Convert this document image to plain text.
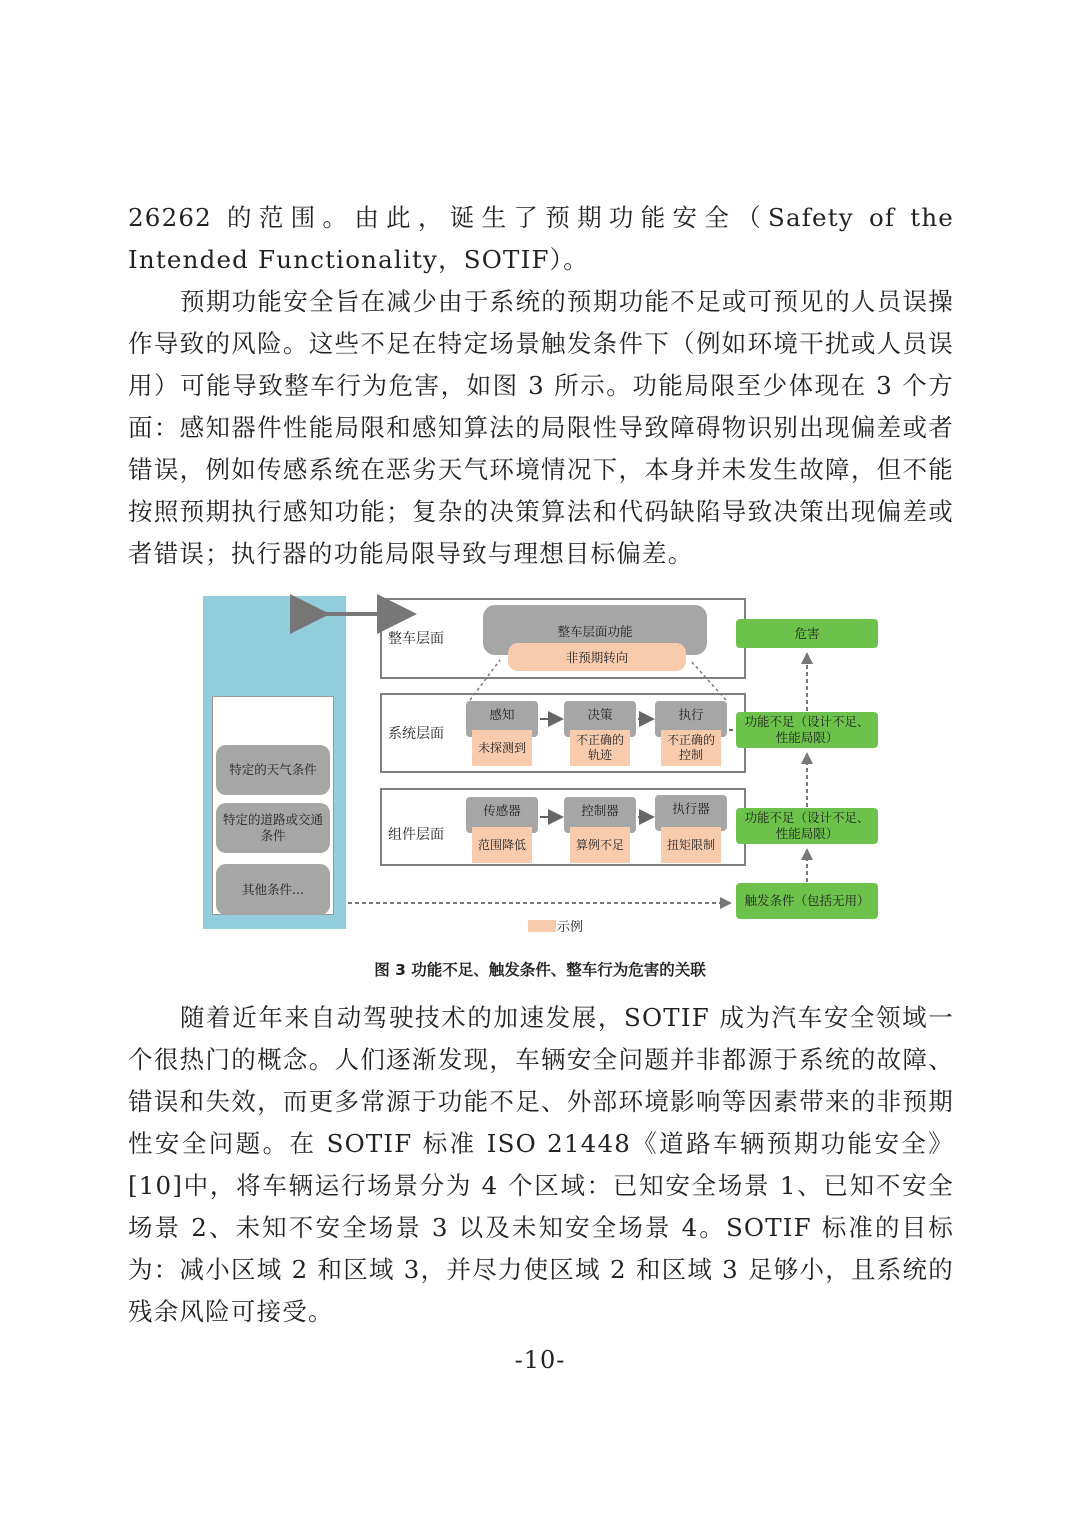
26262 的范围。由此，诞生了预期功能安全（Safety of the Intended Functionality，SOTIF）。

预期功能安全旨在减少由于系统的预期功能不足或可预见的人员误操作导致的风险。这些不足在特定场景触发条件下（例如环境干扰或人员误用）可能导致整车行为危害，如图 3 所示。功能局限至少体现在 3 个方面：感知器件性能局限和感知算法的局限性导致障碍物识别出现偏差或者错误，例如传感系统在恶劣天气环境情况下，本身并未发生故障，但不能按照预期执行感知功能；复杂的决策算法和代码缺陷导致决策出现偏差或者错误；执行器的功能局限导致与理想目标偏差。

特定的天气条件
特定的道路或交通条件
其他条件...
整车层面
系统层面
组件层面
整车层面功能
非预期转向
感知
未探测到
决策
不正确的轨迹
执行
不正确的控制
传感器
范围降低
控制器
算例不足
执行器
扭矩限制
危害
功能不足（设计不足、性能局限）
功能不足（设计不足、性能局限）
触发条件（包括无用）
示例
图 3 功能不足、触发条件、整车行为危害的关联

随着近年来自动驾驶技术的加速发展，SOTIF 成为汽车安全领域一个很热门的概念。人们逐渐发现，车辆安全问题并非都源于系统的故障、错误和失效，而更多常源于功能不足、外部环境影响等因素带来的非预期性安全问题。在 SOTIF 标准 ISO 21448《道路车辆预期功能安全》[10]中，将车辆运行场景分为 4 个区域：已知安全场景 1、已知不安全场景 2、未知不安全场景 3 以及未知安全场景 4。SOTIF 标准的目标为：减小区域 2 和区域 3，并尽力使区域 2 和区域 3 足够小，且系统的残余风险可接受。

-10-
